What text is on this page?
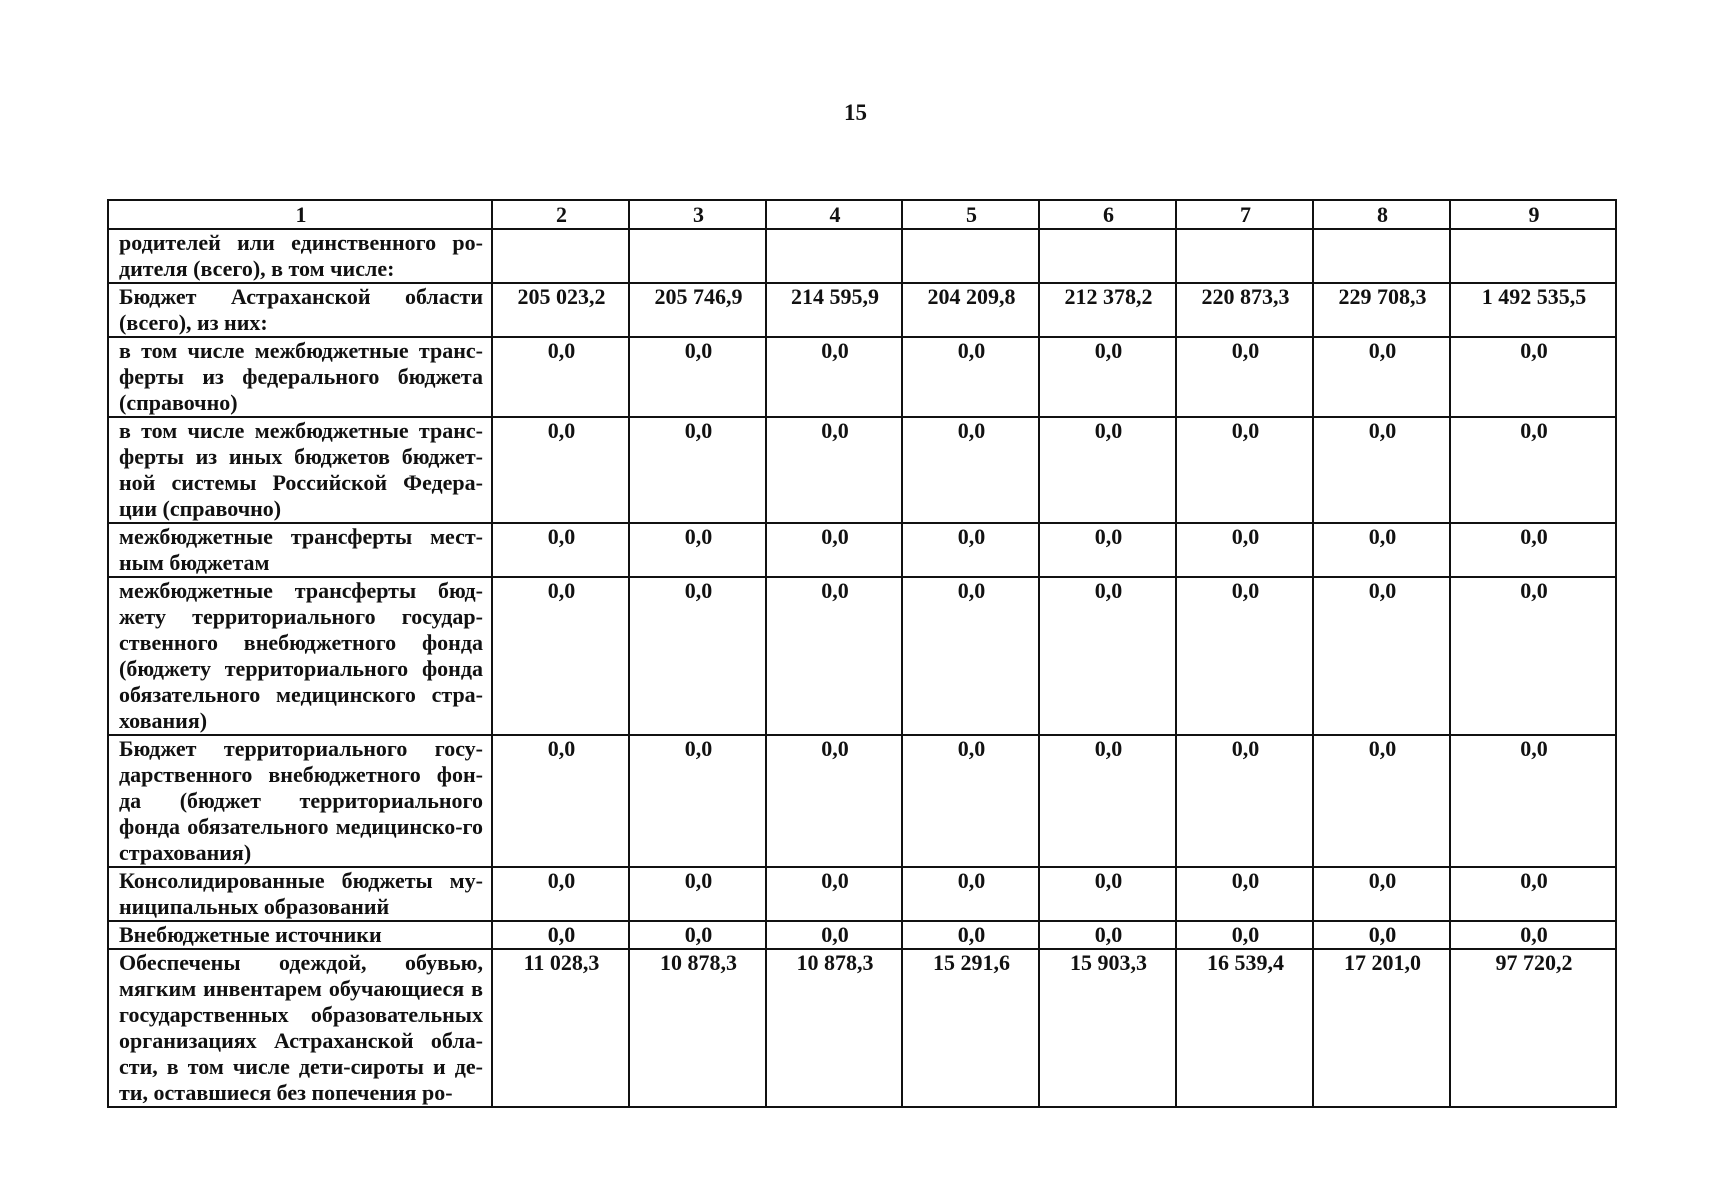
15
1	2	3	4	5	6	7	8	9
родителей или единственного ро-дителя (всего), в том числе:								
Бюджет Астраханской области (всего), из них:	205 023,2	205 746,9	214 595,9	204 209,8	212 378,2	220 873,3	229 708,3	1 492 535,5
в том числе межбюджетные транс-ферты из федерального бюджета (справочно)	0,0	0,0	0,0	0,0	0,0	0,0	0,0	0,0
в том числе межбюджетные транс-ферты из иных бюджетов бюджет-ной системы Российской Федера-ции (справочно)	0,0	0,0	0,0	0,0	0,0	0,0	0,0	0,0
межбюджетные трансферты мест-ным бюджетам	0,0	0,0	0,0	0,0	0,0	0,0	0,0	0,0
межбюджетные трансферты бюд-жету территориального государ-ственного внебюджетного фонда (бюджету территориального фонда обязательного медицинского стра-хования)	0,0	0,0	0,0	0,0	0,0	0,0	0,0	0,0
Бюджет территориального госу-дарственного внебюджетного фон-да (бюджет территориального фонда обязательного медицинско-го страхования)	0,0	0,0	0,0	0,0	0,0	0,0	0,0	0,0
Консолидированные бюджеты му-ниципальных образований	0,0	0,0	0,0	0,0	0,0	0,0	0,0	0,0
Внебюджетные источники	0,0	0,0	0,0	0,0	0,0	0,0	0,0	0,0
Обеспечены одеждой, обувью, мягким инвентарем обучающиеся в государственных образовательных организациях Астраханской обла-сти, в том числе дети-сироты и де-ти, оставшиеся без попечения ро-	11 028,3	10 878,3	10 878,3	15 291,6	15 903,3	16 539,4	17 201,0	97 720,2
